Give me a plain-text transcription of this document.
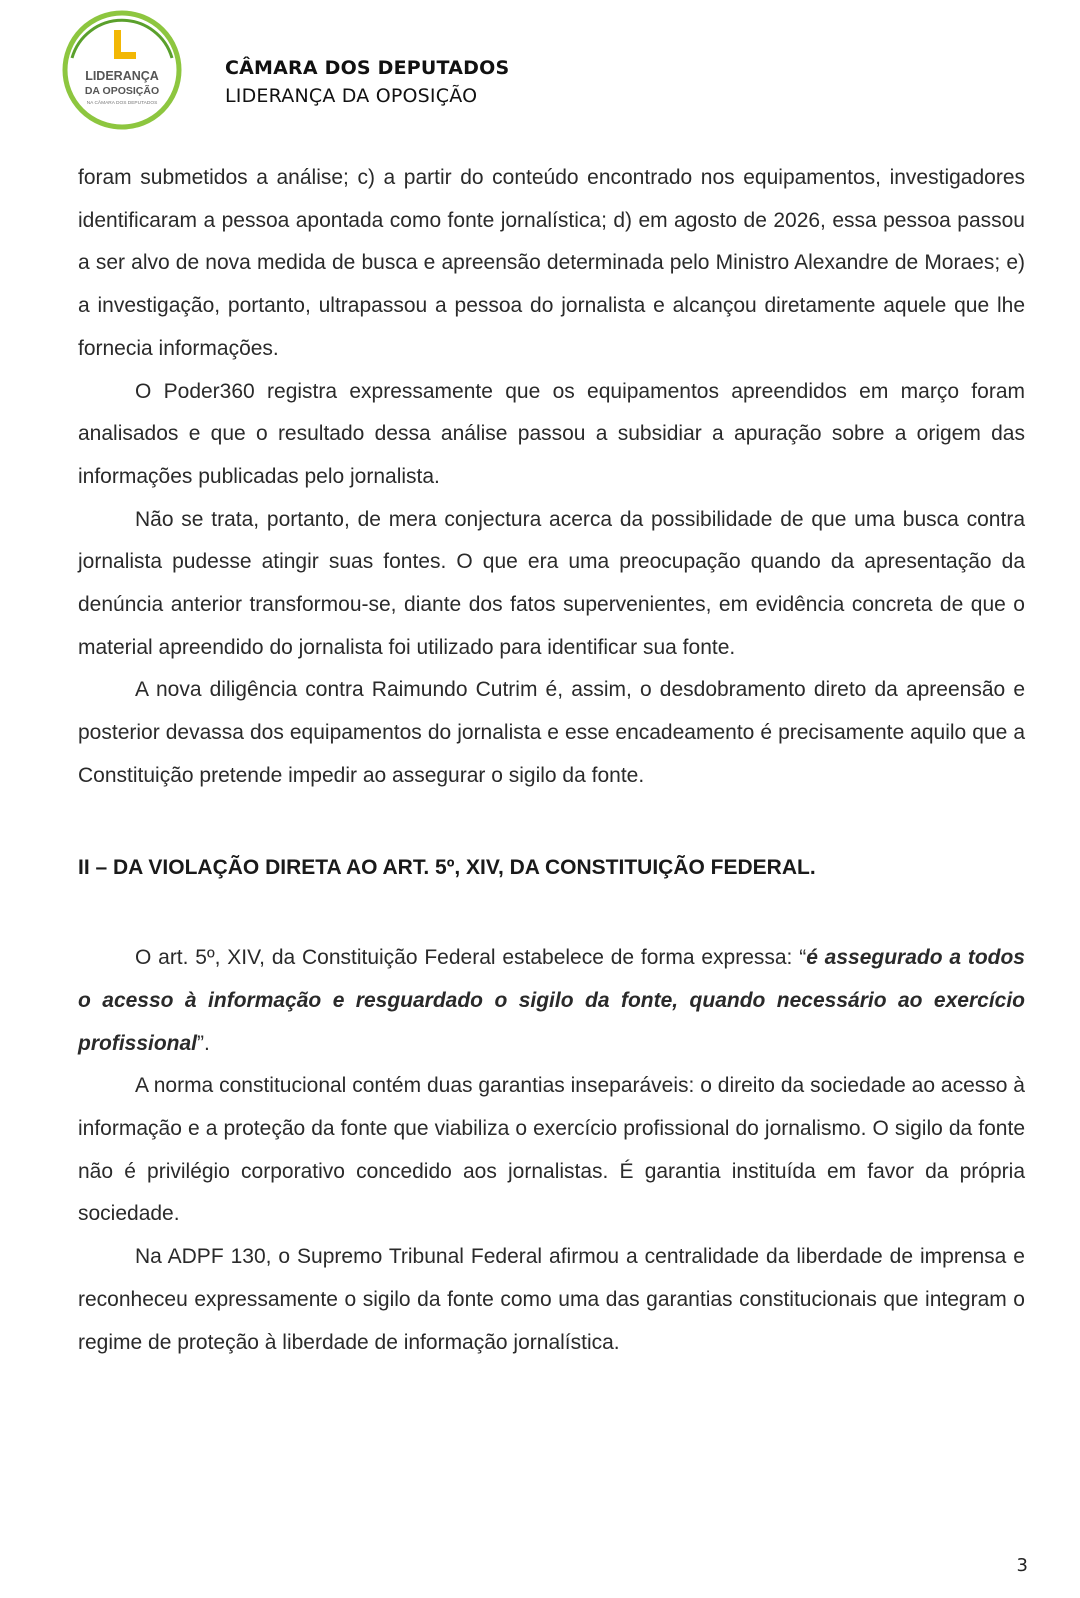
LIDERANÇA
DA OPOSIÇÃO
NA CÂMARA DOS DEPUTADOS
CÂMARA DOS DEPUTADOS
LIDERANÇA DA OPOSIÇÃO

foram submetidos a análise; c) a partir do conteúdo encontrado nos equipamentos, investigadores identificaram a pessoa apontada como fonte jornalística; d) em agosto de 2026, essa pessoa passou a ser alvo de nova medida de busca e apreensão determinada pelo Ministro Alexandre de Moraes; e) a investigação, portanto, ultrapassou a pessoa do jornalista e alcançou diretamente aquele que lhe fornecia informações.

O Poder360 registra expressamente que os equipamentos apreendidos em março foram analisados e que o resultado dessa análise passou a subsidiar a apuração sobre a origem das informações publicadas pelo jornalista.

Não se trata, portanto, de mera conjectura acerca da possibilidade de que uma busca contra jornalista pudesse atingir suas fontes. O que era uma preocupação quando da apresentação da denúncia anterior transformou-se, diante dos fatos supervenientes, em evidência concreta de que o material apreendido do jornalista foi utilizado para identificar sua fonte.

A nova diligência contra Raimundo Cutrim é, assim, o desdobramento direto da apreensão e posterior devassa dos equipamentos do jornalista e esse encadeamento é precisamente aquilo que a Constituição pretende impedir ao assegurar o sigilo da fonte.

II – DA VIOLAÇÃO DIRETA AO ART. 5º, XIV, DA CONSTITUIÇÃO FEDERAL.

O art. 5º, XIV, da Constituição Federal estabelece de forma expressa: “é assegurado a todos o acesso à informação e resguardado o sigilo da fonte, quando necessário ao exercício profissional”.

A norma constitucional contém duas garantias inseparáveis: o direito da sociedade ao acesso à informação e a proteção da fonte que viabiliza o exercício profissional do jornalismo. O sigilo da fonte não é privilégio corporativo concedido aos jornalistas. É garantia instituída em favor da própria sociedade.

Na ADPF 130, o Supremo Tribunal Federal afirmou a centralidade da liberdade de imprensa e reconheceu expressamente o sigilo da fonte como uma das garantias constitucionais que integram o regime de proteção à liberdade de informação jornalística.

3
